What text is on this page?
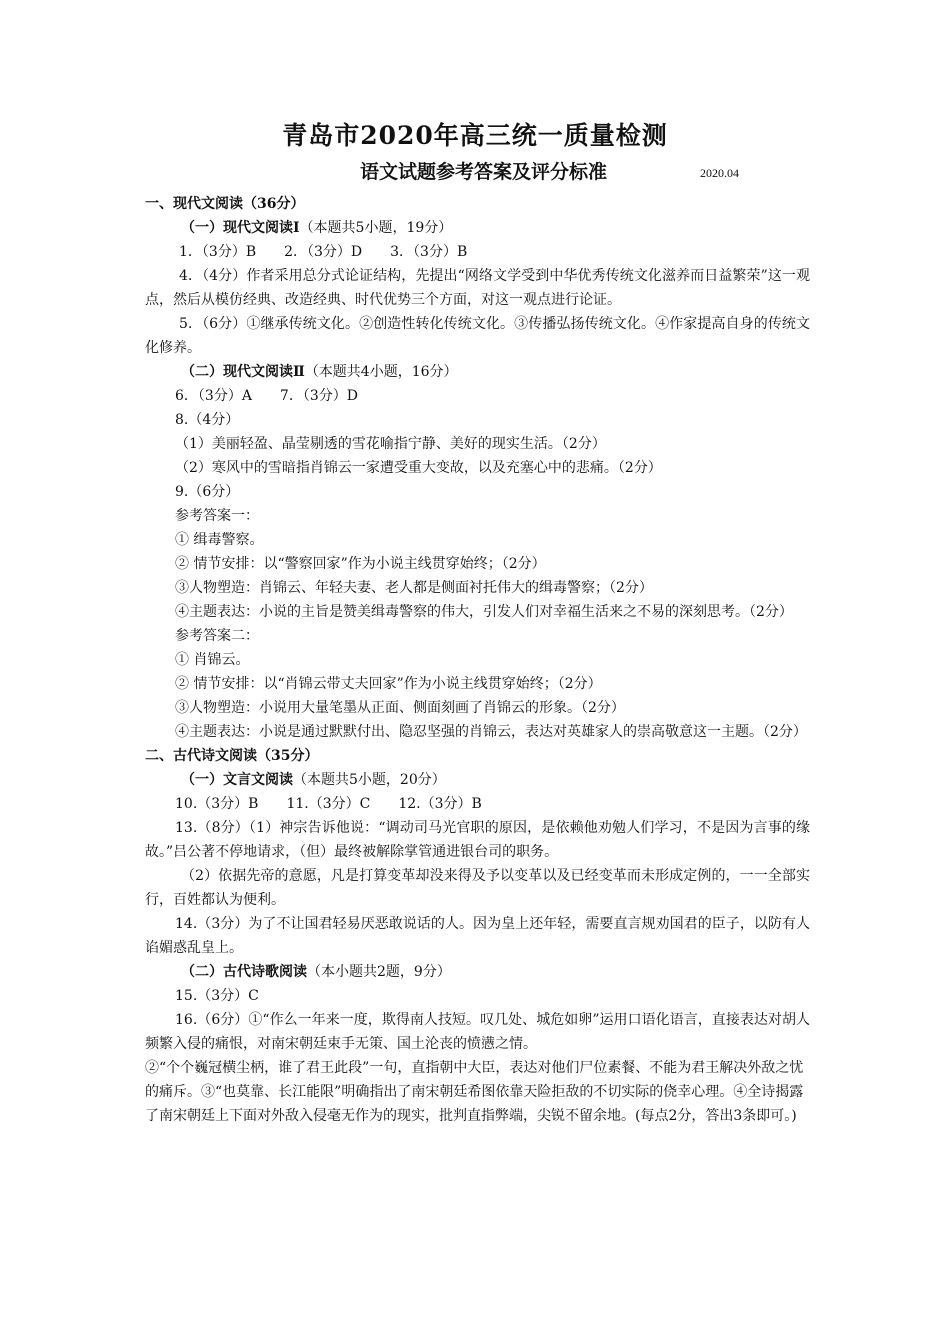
青岛市2020年高三统一质量检测
语文试题参考答案及评分标准	2020.04

一、现代文阅读（36分）

（一）现代文阅读Ⅰ（本题共5小题，19分）

1．（3分）B　　2．（3分）D　　3．（3分）B

4．（4分）作者采用总分式论证结构，先提出“网络文学受到中华优秀传统文化滋养而日益繁荣”这一观点，然后从模仿经典、改造经典、时代优势三个方面，对这一观点进行论证。

5．（6分）①继承传统文化。②创造性转化传统文化。③传播弘扬传统文化。④作家提高自身的传统文化修养。

（二）现代文阅读Ⅱ（本题共4小题，16分）

6．（3分）A　　7．（3分）D

8.（4分）

（1）美丽轻盈、晶莹剔透的雪花喻指宁静、美好的现实生活。（2分）

（2）寒风中的雪暗指肖锦云一家遭受重大变故，以及充塞心中的悲痛。（2分）

9.（6分）

参考答案一：

① 缉毒警察。

② 情节安排：以“警察回家”作为小说主线贯穿始终；（2分）

③人物塑造：肖锦云、年轻夫妻、老人都是侧面衬托伟大的缉毒警察；（2分）

④主题表达：小说的主旨是赞美缉毒警察的伟大，引发人们对幸福生活来之不易的深刻思考。（2分）

参考答案二：

① 肖锦云。

② 情节安排：以“肖锦云带丈夫回家”作为小说主线贯穿始终；（2分）

③人物塑造：小说用大量笔墨从正面、侧面刻画了肖锦云的形象。（2分）

④主题表达：小说是通过默默付出、隐忍坚强的肖锦云，表达对英雄家人的崇高敬意这一主题。（2分）

二、古代诗文阅读（35分）

（一）文言文阅读（本题共5小题，20分）

10.（3分）B　　11.（3分）C　　12.（3分）B

13.（8分）（1）神宗告诉他说：“调动司马光官职的原因，是依赖他劝勉人们学习，不是因为言事的缘故。”吕公著不停地请求，（但）最终被解除掌管通进银台司的职务。

（2）依据先帝的意愿，凡是打算变革却没来得及予以变革以及已经变革而未形成定例的，一一全部实行，百姓都认为便利。

14.（3分）为了不让国君轻易厌恶敢说话的人。因为皇上还年轻，需要直言规劝国君的臣子，以防有人谄媚惑乱皇上。

（二）古代诗歌阅读（本小题共2题，9分）

15.（3分）C

16.（6分）①“作么一年来一度，欺得南人技短。叹几处、城危如卵”运用口语化语言，直接表达对胡人频繁入侵的痛恨，对南宋朝廷束手无策、国土沦丧的愤懑之情。

②“个个巍冠横尘柄，谁了君王此段”一句，直指朝中大臣，表达对他们尸位素餐、不能为君王解决外敌之忧的痛斥。③“也莫靠、长江能限”明确指出了南宋朝廷希图依靠天险拒敌的不切实际的侥幸心理。④全诗揭露了南宋朝廷上下面对外敌入侵毫无作为的现实，批判直指弊端，尖锐不留余地。(每点2分，答出3条即可。)
